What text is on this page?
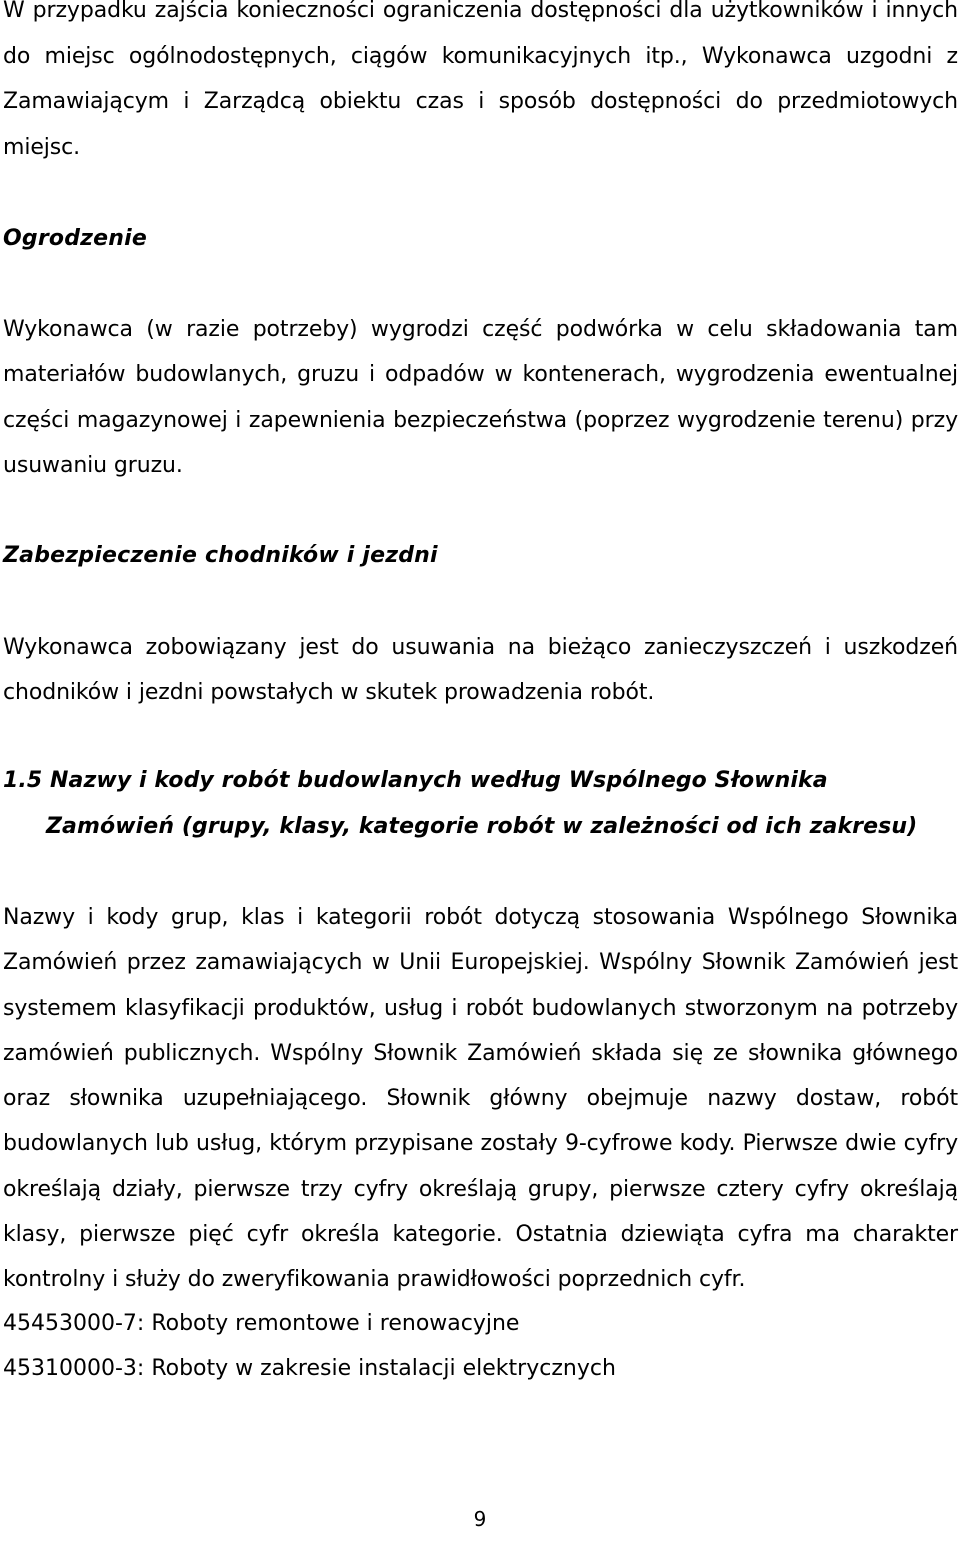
W przypadku zajścia konieczności ograniczenia dostępności dla użytkowników i innych do miejsc ogólnodostępnych, ciągów komunikacyjnych itp., Wykonawca uzgodni z Zamawiającym i Zarządcą obiektu czas i sposób dostępności do przedmiotowych miejsc.

Ogrodzenie

Wykonawca (w razie potrzeby) wygrodzi część podwórka w celu składowania tam materiałów budowlanych, gruzu i odpadów w kontenerach, wygrodzenia ewentualnej części magazynowej i zapewnienia bezpieczeństwa (poprzez wygrodzenie terenu) przy usuwaniu gruzu.

Zabezpieczenie chodników i jezdni

Wykonawca zobowiązany jest do usuwania na bieżąco zanieczyszczeń i uszkodzeń chodników i jezdni powstałych w skutek prowadzenia robót.

1.5 Nazwy i kody robót budowlanych według Wspólnego Słownika
Zamówień (grupy, klasy, kategorie robót w zależności od ich zakresu)

Nazwy i kody grup, klas i kategorii robót dotyczą stosowania Wspólnego Słownika Zamówień przez zamawiających w Unii Europejskiej. Wspólny Słownik Zamówień jest systemem klasyfikacji produktów, usług i robót budowlanych stworzonym na potrzeby zamówień publicznych. Wspólny Słownik Zamówień składa się ze słownika głównego oraz słownika uzupełniającego. Słownik główny obejmuje nazwy dostaw, robót budowlanych lub usług, którym przypisane zostały 9-cyfrowe kody. Pierwsze dwie cyfry określają działy, pierwsze trzy cyfry określają grupy, pierwsze cztery cyfry określają klasy, pierwsze pięć cyfr określa kategorie. Ostatnia dziewiąta cyfra ma charakter kontrolny i służy do zweryfikowania prawidłowości poprzednich cyfr.

45453000-7: Roboty remontowe i renowacyjne
45310000-3: Roboty w zakresie instalacji elektrycznych
9
